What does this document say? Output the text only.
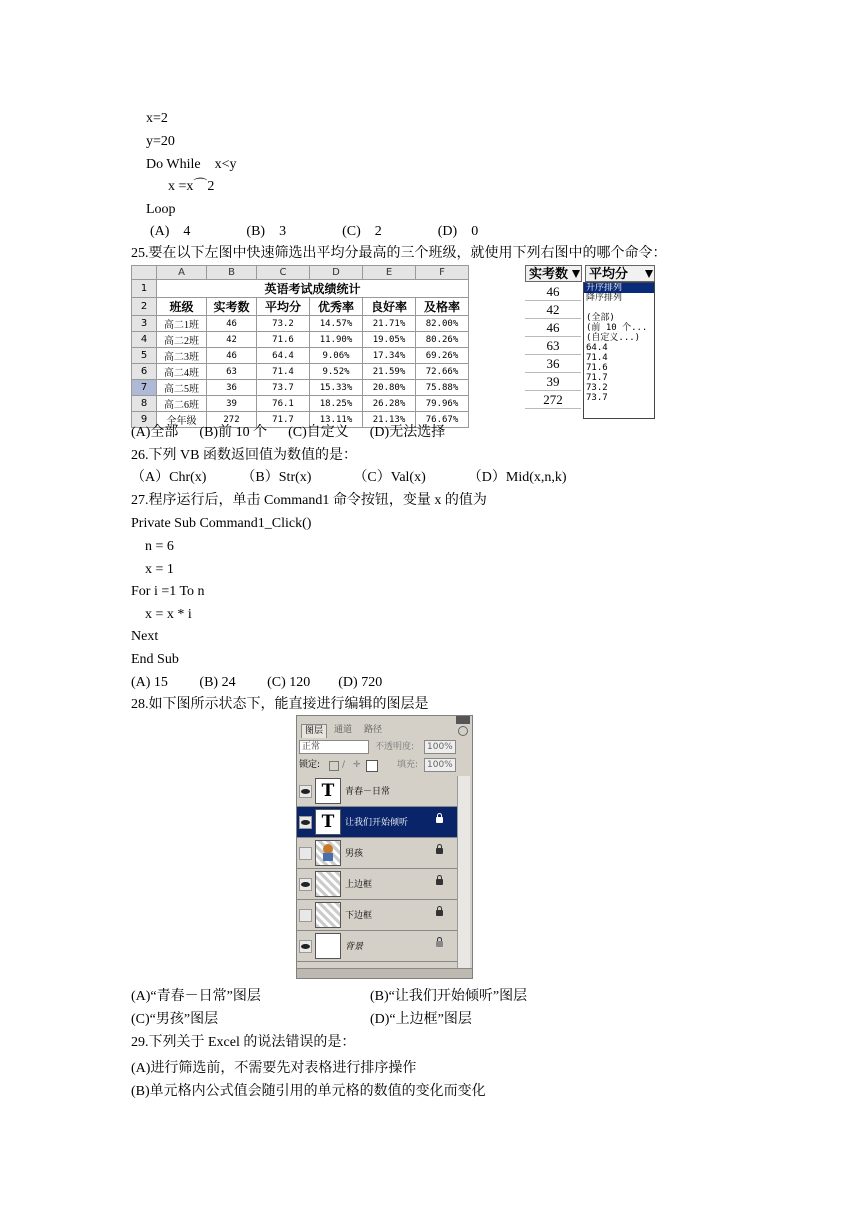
x=2
y=20
Do While    x<y
x =x⌒2
Loop
(A)    4                (B)    3                (C)    2                (D)    0
25.要在以下左图中快速筛选出平均分最高的三个班级，就使用下列右图中的哪个命令：
	A	B	C	D	E	F
1	英语考试成绩统计					
2	班级	实考数	平均分	优秀率	良好率	及格率
3	高二1班	46	73.2	14.57%	21.71%	82.00%
4	高二2班	42	71.6	11.90%	19.05%	80.26%
5	高二3班	46	64.4	9.06%	17.34%	69.26%
6	高二4班	63	71.4	9.52%	21.59%	72.66%
7	高二5班	36	73.7	15.33%	20.80%	75.88%
8	高二6班	39	76.1	18.25%	26.28%	79.96%
9	全年级	272	71.7	13.11%	21.13%	76.67%
实考数	平均分
46
42
46
63
36
39
272
升序排列
降序排列

(全部)
(前 10 个...
(自定义...)
64.4
71.4
71.6
71.7
73.2
73.7
(A)全部      (B)前 10 个      (C)自定义      (D)无法选择
26.下列 VB 函数返回值为数值的是：
（A）Chr(x)          （B）Str(x)            （C）Val(x)            （D）Mid(x,n,k)
27.程序运行后，单击 Command1 命令按钮，变量 x 的值为
Private Sub Command1_Click()
n = 6
x = 1
For i =1 To n
x = x * i
Next
End Sub
(A) 15         (B) 24         (C) 120        (D) 720
28.如下图所示状态下，能直接进行编辑的图层是
图层	通道	路径
正常	不透明度:	100%
锁定: / ✛	填充: 100%
T	青春－日常
T	让我们开始倾听
男孩
上边框
下边框
背景
(A)“青春－日常”图层	(B)“让我们开始倾听”图层
(C)“男孩”图层	(D)“上边框”图层
29.下列关于 Excel 的说法错误的是：
(A)进行筛选前，不需要先对表格进行排序操作
(B)单元格内公式值会随引用的单元格的数值的变化而变化
